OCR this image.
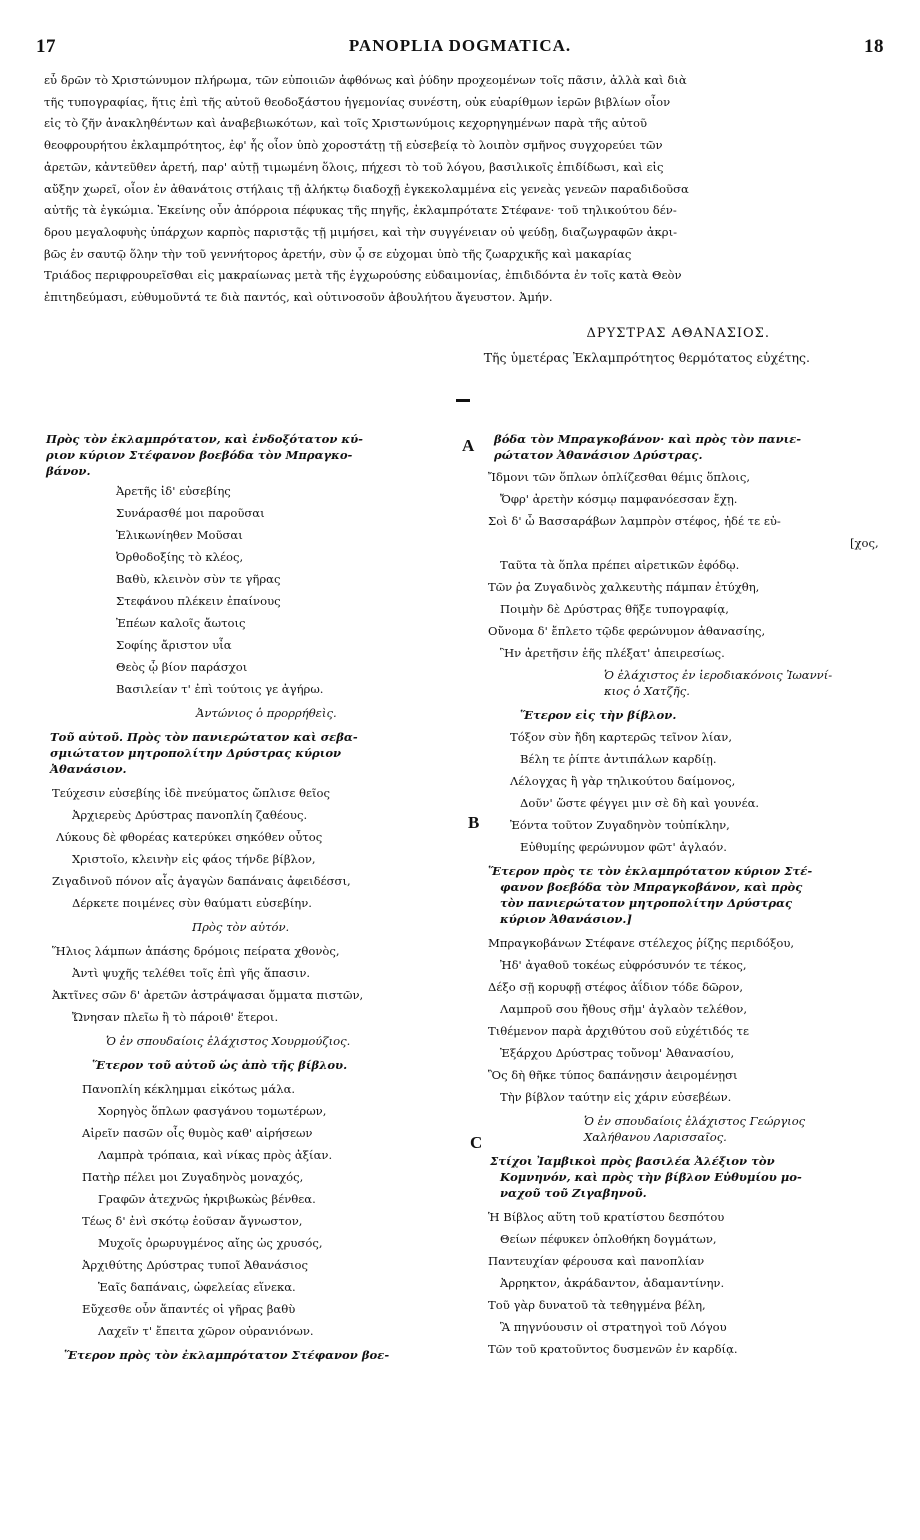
17	PANOPLIA DOGMATICA.	18
εὖ δρῶν τὸ Χριστώνυμον πλήρωμα, τῶν εὐποιιῶν ἀφθόνως καὶ ῥύδην προχεομένων τοῖς πᾶσιν, ἀλλὰ καὶ διὰ
τῆς τυπογραφίας, ἥτις ἐπὶ τῆς αὐτοῦ θεοδοξάστου ἡγεμονίας συνέστη, οὐκ εὐαρίθμων ἱερῶν βιβλίων οἷον
εἰς τὸ ζῆν ἀνακληθέντων καὶ ἀναβεβιωκότων, καὶ τοῖς Χριστωνύμοις κεχορηγημένων παρὰ τῆς αὐτοῦ
θεοφρουρήτου ἐκλαμπρότητος, ἐφ' ἧς οἷον ὑπὸ χοροστάτῃ τῇ εὐσεβείᾳ τὸ λοιπὸν σμῆνος συγχορεύει τῶν
ἀρετῶν, κἀντεῦθεν ἀρετή, παρ' αὐτῇ τιμωμένη ὅλοις, πήχεσι τὸ τοῦ λόγου, βασιλικοῖς ἐπιδίδωσι, καὶ εἰς
αὔξην χωρεῖ, οἷον ἐν ἀθανάτοις στήλαις τῇ ἀλήκτῳ διαδοχῇ ἐγκεκολαμμένα εἰς γενεὰς γενεῶν παραδιδοῦσα
αὐτῆς τὰ ἐγκώμια. Ἐκείνης οὖν ἀπόρροια πέφυκας τῆς πηγῆς, ἐκλαμπρότατε Στέφανε· τοῦ τηλικούτου δέν-
δρου μεγαλοφυὴς ὑπάρχων καρπὸς παριστᾷς τῇ μιμήσει, καὶ τὴν συγγένειαν οὐ ψεύδῃ, διαζωγραφῶν ἀκρι-
βῶς ἐν σαυτῷ ὅλην τὴν τοῦ γεννήτορος ἀρετήν, σὺν ᾧ σε εὐχομαι ὑπὸ τῆς ζωαρχικῆς καὶ μακαρίας
Τριάδος περιφρουρεῖσθαι εἰς μακραίωνας μετὰ τῆς ἐγχωρούσης εὐδαιμονίας, ἐπιδιδόντα ἐν τοῖς κατὰ Θεὸν
ἐπιτηδεύμασι, εὐθυμοῦντά τε διὰ παντός, καὶ οὑτινοσοῦν ἀβουλήτου ἄγευστον. Ἀμήν.
ΔΡΥΣΤΡΑΣ ΑΘΑΝΑΣΙΟΣ.
Τῆς ὑμετέρας Ἐκλαμπρότητος θερμότατος εὐχέτης.
A
B
C
Πρὸς τὸν ἐκλαμπρότατον, καὶ ἐνδοξότατον κύ-
ριον κύριον Στέφανον βοεβόδα τὸν Μπραγκο-
βάνον.
Ἀρετῆς ἰδ' εὐσεβίης
Συνάρασθέ μοι παροῦσαι
Ἑλικωνίηθεν Μοῦσαι
Ὀρθοδοξίης τὸ κλέος,
Βαθὺ, κλεινὸν σὺν τε γῆρας
Στεφάνου πλέκειν ἐπαίνους
Ἐπέων καλοῖς ἄωτοις
Σοφίης ἄριστον υἷα
Θεὸς ᾧ βίον παράσχοι
Βασιλείαν τ' ἐπὶ τούτοις γε ἀγήρω.
Ἀντώνιος ὁ προρρήθεὶς.
Τοῦ αὐτοῦ. Πρὸς τὸν πανιερώτατον καὶ σεβα-
σμιώτατον μητροπολίτην Δρύστρας κύριον
Ἀθανάσιον.
Τεύχεσιν εὐσεβίης ἰδὲ πνεύματος ὤπλισε θεῖος
Ἀρχιερεὺς Δρύστρας πανοπλίη ζαθέους.
Λύκους δὲ φθορέας κατερύκει σηκόθεν οὗτος
Χριστοῖο, κλεινὴν εἰς φάος τήνδε βίβλον,
Ζιγαδινοῦ πόνον αἷς ἀγαγὼν δαπάναις ἀφειδέσσι,
Δέρκετε ποιμένες σὺν θαύματι εὐσεβίην.
Πρὸς τὸν αὐτόν.
Ἥλιος λάμπων ἁπάσης δρόμοις πείρατα χθονὸς,
Ἀντὶ ψυχῆς τελέθει τοῖς ἐπὶ γῆς ἅπασιν.
Ἀκτῖνες σῶν δ' ἀρετῶν ἀστράψασαι ὄμματα πιστῶν,
Ὤνησαν πλεῖω ἢ τὸ πάροιθ' ἕτεροι.
Ὁ ἐν σπουδαίοις ἐλάχιστος Χουρμούζιος.
Ἕτερον τοῦ αὐτοῦ ὡς ἀπὸ τῆς βίβλου.
Πανοπλίη κέκλημμαι εἰκότως μάλα.
Χορηγὸς ὅπλων φασγάνου τομωτέρων,
Αἱρεῖν πασῶν οἷς θυμὸς καθ' αἱρήσεων
Λαμπρὰ τρόπαια, καὶ νίκας πρὸς ἀξίαν.
Πατὴρ πέλει μοι Ζυγαδηνὸς μοναχός,
Γραφῶν ἀτεχνῶς ἠκριβωκὼς βένθεα.
Τέως δ' ἐνὶ σκότῳ ἐοῦσαν ἄγνωστον,
Μυχοῖς ὀρωρυγμένος αἴης ὡς χρυσός,
Ἀρχιθύτης Δρύστρας τυποῖ Ἀθανάσιος
Ἑαῖς δαπάναις, ὠφελείας εἵνεκα.
Εὔχεσθε οὖν ἅπαντές οἱ γῆρας βαθὺ
Λαχεῖν τ' ἔπειτα χῶρον οὐρανιόνων.
Ἕτερον πρὸς τὸν ἐκλαμπρότατον Στέφανον βοε-
βόδα τὸν Μπραγκοβάνον· καὶ πρὸς τὸν πανιε-
ρώτατον Ἀθανάσιον Δρύστρας.
Ἴδμονι τῶν ὅπλων ὁπλίζεσθαι θέμις ὅπλοις,
Ὄφρ' ἀρετὴν κόσμῳ παμφανόεσσαν ἔχῃ.
Σοὶ δ' ὦ Βασσαράβων λαμπρὸν στέφος, ἠδέ τε εὐ-
[χος,
Ταῦτα τὰ ὅπλα πρέπει αἱρετικῶν ἐφόδῳ.
Τῶν ῥα Ζυγαδινὸς χαλκευτὴς πάμπαν ἐτύχθη,
Ποιμὴν δὲ Δρύστρας θῆξε τυπογραφίᾳ,
Οὔνομα δ' ἔπλετο τῷδε φερώνυμον ἀθανασίης,
Ἣν ἀρετῆσιν ἑῆς πλέξατ' ἀπειρεσίως.
Ὁ ἐλάχιστος ἐν ἱεροδιακόνοις Ἰωαννί-
κιος ὁ Χατζῆς.
Ἕτερον εἰς τὴν βίβλον.
Τόξον σὺν ἤδη καρτερῶς τεῖνον λίαν,
Βέλη τε ῥίπτε ἀντιπάλων καρδίῃ.
Λέλογχας ἢ γὰρ τηλικούτου δαίμονος,
Δοῦν' ὥστε φέγγει μιν σὲ δὴ καὶ γουνέα.
Ἐόντα τοῦτον Ζυγαδηνὸν τοὐπίκλην,
Εὐθυμίης φερώνυμον φῶτ' ἀγλαόν.
Ἕτερον πρὸς τε τὸν ἐκλαμπρότατον κύριον Στέ-
φανον βοεβόδα τὸν Μπραγκοβάνον, καὶ πρὸς
τὸν πανιερώτατον μητροπολίτην Δρύστρας
κύριον Ἀθανάσιον.]
Μπραγκοβάνων Στέφανε στέλεχος ῥίζης περιδόξου,
Ἠδ' ἀγαθοῦ τοκέως εὐφρόσυνόν τε τέκος,
Δέξο σῇ κορυφῇ στέφος ἀΐδιον τόδε δῶρον,
Λαμπροῦ σου ἤθους σῆμ' ἀγλαὸν τελέθον,
Τιθέμενον παρὰ ἀρχιθύτου σοῦ εὐχέτιδός τε
Ἐξάρχου Δρύστρας τοὔνομ' Ἀθανασίου,
Ὃς δὴ θῆκε τύπος δαπάνῃσιν ἀειρομένῃσι
Τὴν βίβλον ταύτην εἰς χάριν εὐσεβέων.
Ὁ ἐν σπουδαίοις ἐλάχιστος Γεώργιος
Χαλήθανου Λαρισσαῖος.
Στίχοι Ἰαμβικοὶ πρὸς βασιλέα Ἀλέξιον τὸν
Κομνηνόν, καὶ πρὸς τὴν βίβλον Εὐθυμίου μο-
ναχοῦ τοῦ Ζιγαβηνοῦ.
Ἡ Βίβλος αὕτη τοῦ κρατίστου δεσπότου
Θείων πέφυκεν ὁπλοθήκη δογμάτων,
Παντευχίαν φέρουσα καὶ πανοπλίαν
Ἀρρηκτον, ἀκράδαντον, ἀδαμαντίνην.
Τοῦ γὰρ δυνατοῦ τὰ τεθηγμένα βέλη,
Ἃ πηγνύουσιν οἱ στρατηγοὶ τοῦ Λόγου
Τῶν τοῦ κρατοῦντος δυσμενῶν ἐν καρδίᾳ.
